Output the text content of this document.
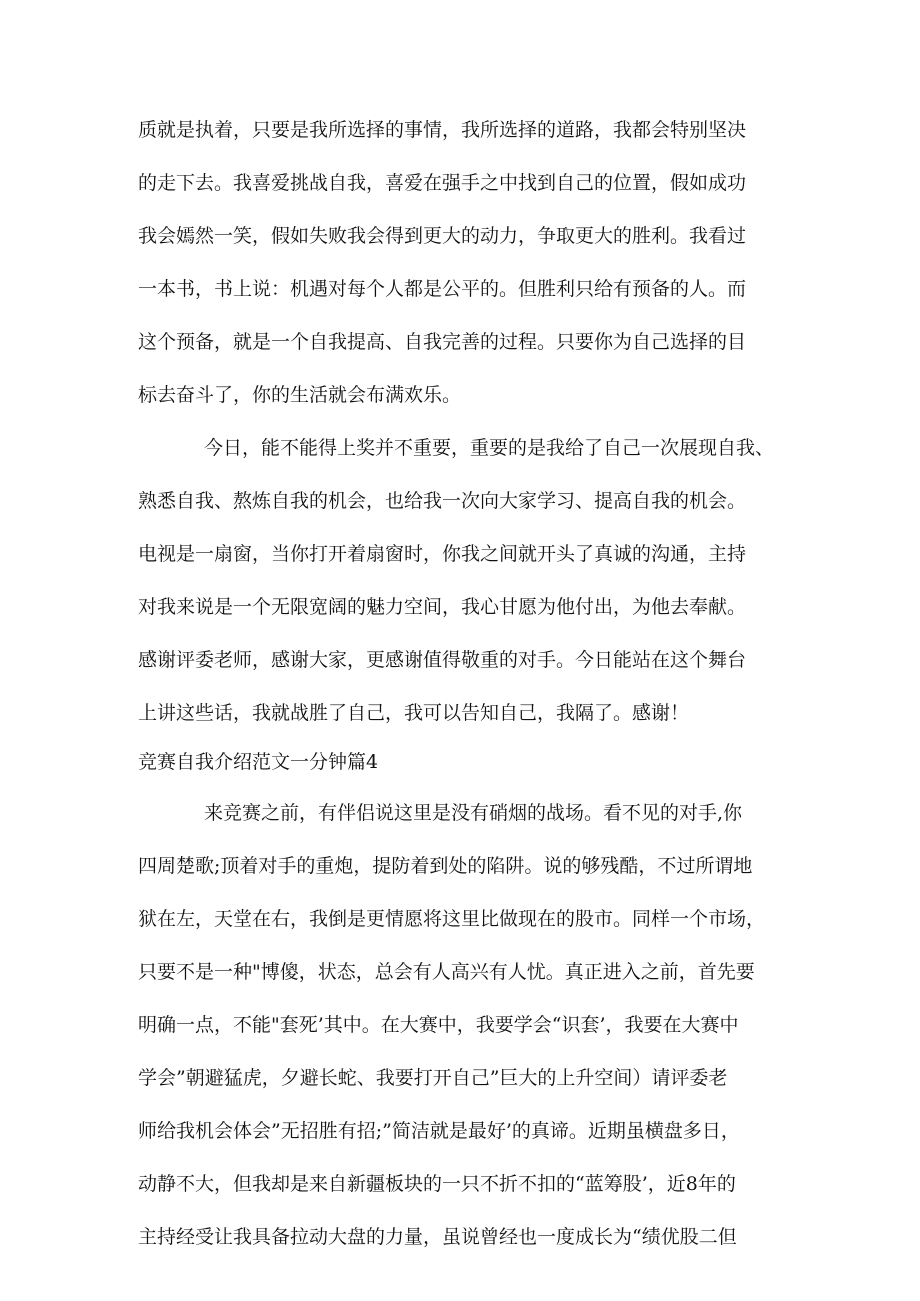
质就是执着，只要是我所选择的事情，我所选择的道路，我都会特别坚决
的走下去。我喜爱挑战自我，喜爱在强手之中找到自己的位置，假如成功
我会嫣然一笑，假如失败我会得到更大的动力，争取更大的胜利。我看过
一本书，书上说：机遇对每个人都是公平的。但胜利只给有预备的人。而
这个预备，就是一个自我提高、自我完善的过程。只要你为自己选择的目
标去奋斗了，你的生活就会布满欢乐。
今日，能不能得上奖并不重要，重要的是我给了自己一次展现自我、
熟悉自我、熬炼自我的机会，也给我一次向大家学习、提高自我的机会。
电视是一扇窗，当你打开着扇窗时，你我之间就开头了真诚的沟通，主持
对我来说是一个无限宽阔的魅力空间，我心甘愿为他付出，为他去奉献。
感谢评委老师，感谢大家，更感谢值得敬重的对手。今日能站在这个舞台
上讲这些话，我就战胜了自己，我可以告知自己，我隔了。感谢！
竞赛自我介绍范文一分钟篇4
来竞赛之前，有伴侣说这里是没有硝烟的战场。看不见的对手,你
四周楚歌;顶着对手的重炮，提防着到处的陷阱。说的够残酷，不过所谓地
狱在左，天堂在右，我倒是更情愿将这里比做现在的股市。同样一个市场，
只要不是一种"博傻，状态，总会有人高兴有人忧。真正进入之前，首先要
明确一点，不能"套死’其中。在大赛中，我要学会“识套’，我要在大赛中
学会”朝避猛虎，夕避长蛇、我要打开自己”巨大的上升空间）请评委老
师给我机会体会”无招胜有招;”简洁就是最好’的真谛。近期虽横盘多日，
动静不大，但我却是来自新疆板块的一只不折不扣的“蓝筹股’，近8年的
主持经受让我具备拉动大盘的力量，虽说曾经也一度成长为“绩优股二但
